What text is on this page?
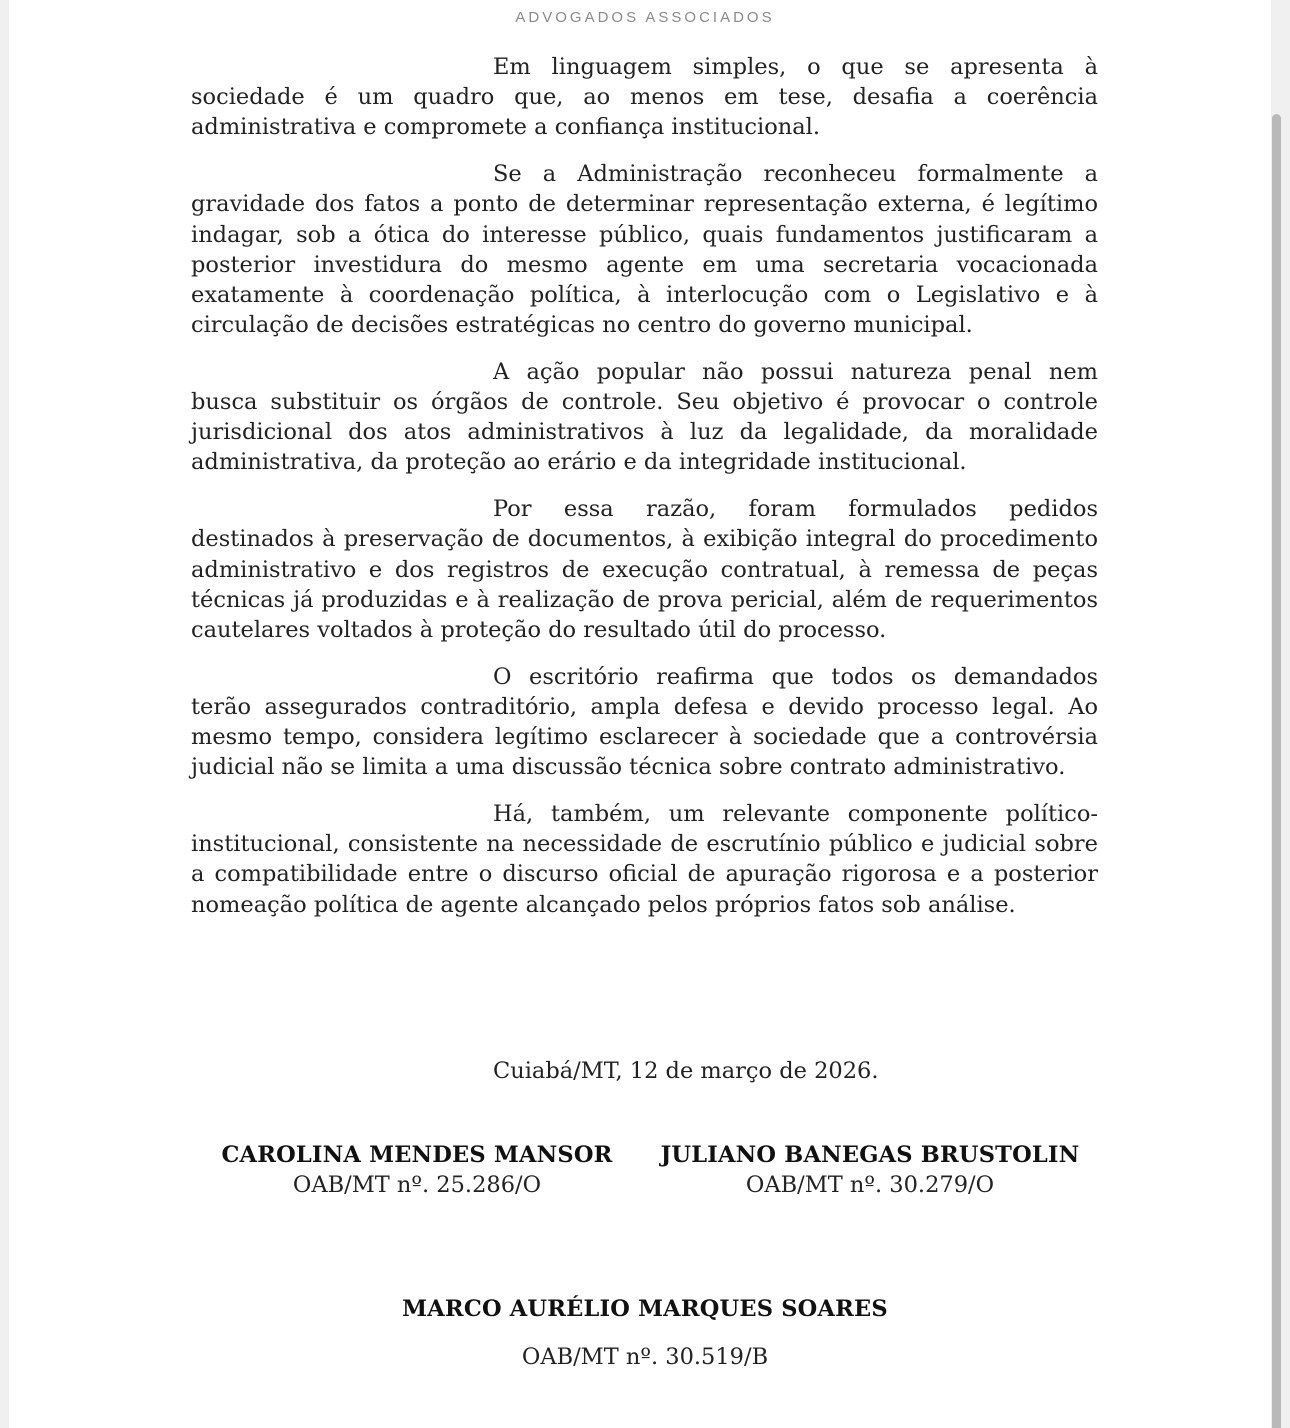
ADVOGADOS ASSOCIADOS

Em linguagem simples, o que se apresenta à sociedade é um quadro que, ao menos em tese, desafia a coerência administrativa e compromete a confiança institucional.

Se a Administração reconheceu formalmente a gravidade dos fatos a ponto de determinar representação externa, é legítimo indagar, sob a ótica do interesse público, quais fundamentos justificaram a posterior investidura do mesmo agente em uma secretaria vocacionada exatamente à coordenação política, à interlocução com o Legislativo e à circulação de decisões estratégicas no centro do governo municipal.

A ação popular não possui natureza penal nem busca substituir os órgãos de controle. Seu objetivo é provocar o controle jurisdicional dos atos administrativos à luz da legalidade, da moralidade administrativa, da proteção ao erário e da integridade institucional.

Por essa razão, foram formulados pedidos destinados à preservação de documentos, à exibição integral do procedimento administrativo e dos registros de execução contratual, à remessa de peças técnicas já produzidas e à realização de prova pericial, além de requerimentos cautelares voltados à proteção do resultado útil do processo.

O escritório reafirma que todos os demandados terão assegurados contraditório, ampla defesa e devido processo legal. Ao mesmo tempo, considera legítimo esclarecer à sociedade que a controvérsia judicial não se limita a uma discussão técnica sobre contrato administrativo.

Há, também, um relevante componente político-institucional, consistente na necessidade de escrutínio público e judicial sobre a compatibilidade entre o discurso oficial de apuração rigorosa e a posterior nomeação política de agente alcançado pelos próprios fatos sob análise.

Cuiabá/MT, 12 de março de 2026.
CAROLINA MENDES MANSOR
OAB/MT nº. 25.286/O
JULIANO BANEGAS BRUSTOLIN
OAB/MT nº. 30.279/O
MARCO AURÉLIO MARQUES SOARES
OAB/MT nº. 30.519/B
